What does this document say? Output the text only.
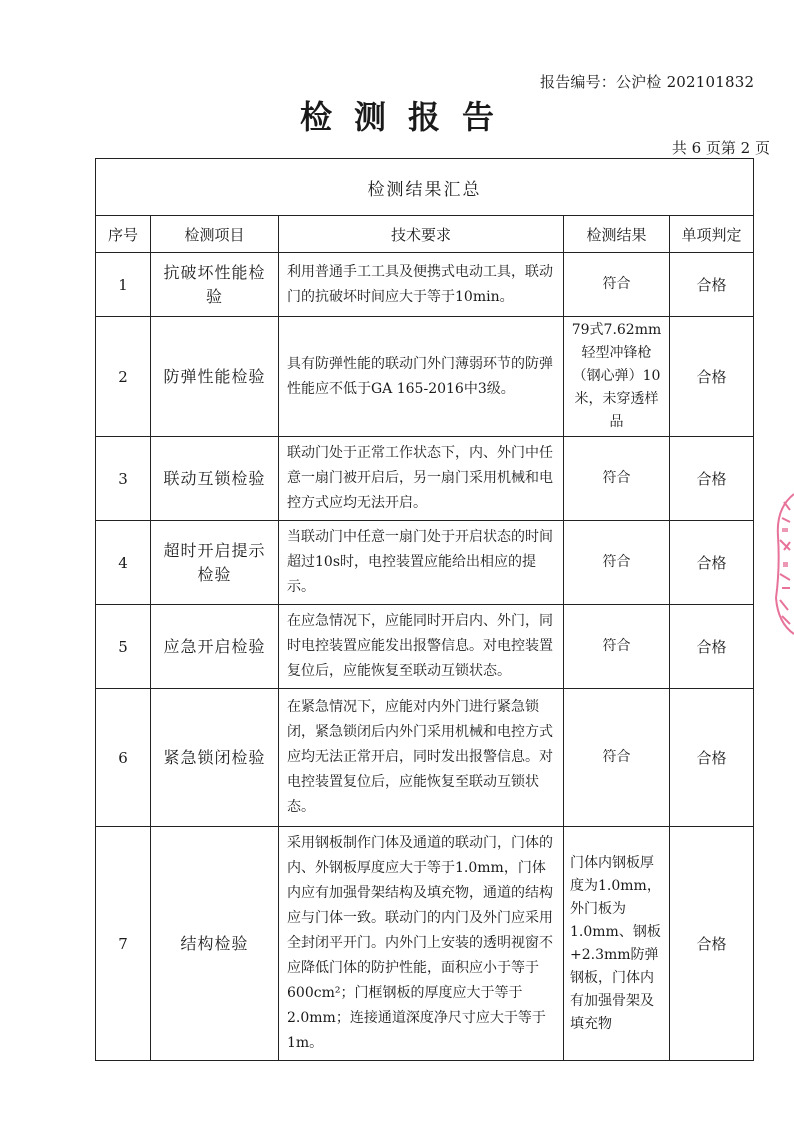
报告编号：公沪检 202101832
检测报告
共 6 页第 2 页
检测结果汇总				
序号	检测项目	技术要求	检测结果	单项判定
1	抗破坏性能检验	利用普通手工工具及便携式电动工具，联动门的抗破坏时间应大于等于10min。	符合	合格
2	防弹性能检验	具有防弹性能的联动门外门薄弱环节的防弹性能应不低于GA 165-2016中3级。	79式7.62mm轻型冲锋枪（钢心弹）10米，未穿透样品	合格
3	联动互锁检验	联动门处于正常工作状态下，内、外门中任意一扇门被开启后，另一扇门采用机械和电控方式应均无法开启。	符合	合格
4	超时开启提示检验	当联动门中任意一扇门处于开启状态的时间超过10s时，电控装置应能给出相应的提示。	符合	合格
5	应急开启检验	在应急情况下，应能同时开启内、外门，同时电控装置应能发出报警信息。对电控装置复位后，应能恢复至联动互锁状态。	符合	合格
6	紧急锁闭检验	在紧急情况下，应能对内外门进行紧急锁闭，紧急锁闭后内外门采用机械和电控方式应均无法正常开启，同时发出报警信息。对电控装置复位后，应能恢复至联动互锁状态。	符合	合格
7	结构检验	采用钢板制作门体及通道的联动门，门体的内、外钢板厚度应大于等于1.0mm，门体内应有加强骨架结构及填充物，通道的结构应与门体一致。联动门的内门及外门应采用全封闭平开门。内外门上安装的透明视窗不应降低门体的防护性能，面积应小于等于600cm²；门框钢板的厚度应大于等于2.0mm；连接通道深度净尺寸应大于等于1m。	门体内钢板厚度为1.0mm，外门板为1.0mm、钢板+2.3mm防弹钢板，门体内有加强骨架及填充物	合格
